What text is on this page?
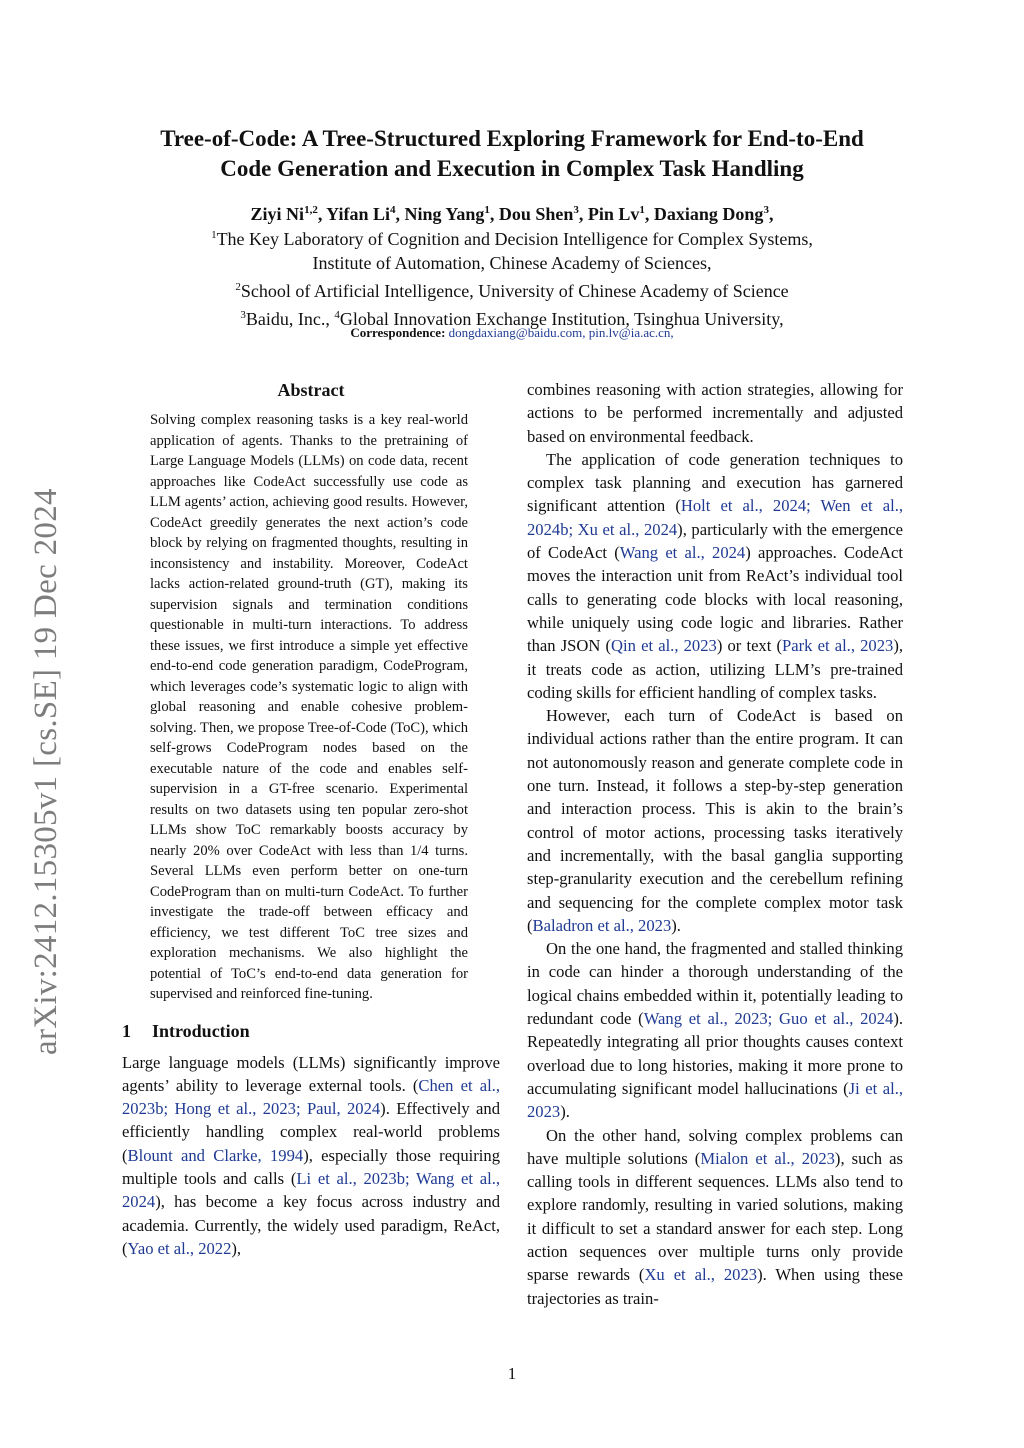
Tree-of-Code: A Tree-Structured Exploring Framework for End-to-End
Code Generation and Execution in Complex Task Handling
Ziyi Ni$^{1,2}$, Yifan Li$^4$, Ning Yang$^1$, Dou Shen$^3$, Pin Lv$^1$, Daxiang Dong$^3$,
$^1$The Key Laboratory of Cognition and Decision Intelligence for Complex Systems,
Institute of Automation, Chinese Academy of Sciences,
$^2$School of Artificial Intelligence, University of Chinese Academy of Science
$^3$Baidu, Inc., $^4$Global Innovation Exchange Institution, Tsinghua University,
Correspondence: dongdaxiang@baidu.com, pin.lv@ia.ac.cn,
arXiv:2412.15305v1 [cs.SE] 19 Dec 2024
Abstract

Solving complex reasoning tasks is a key real-world application of agents. Thanks to the pretraining of Large Language Models (LLMs) on code data, recent approaches like CodeAct successfully use code as LLM agents’ action, achieving good results. However, CodeAct greedily generates the next action’s code block by relying on fragmented thoughts, resulting in inconsistency and instability. Moreover, CodeAct lacks action-related ground-truth (GT), making its supervision signals and termination conditions questionable in multi-turn interactions. To address these issues, we first introduce a simple yet effective end-to-end code generation paradigm, CodeProgram, which leverages code’s systematic logic to align with global reasoning and enable cohesive problem-solving. Then, we propose Tree-of-Code (ToC), which self-grows CodeProgram nodes based on the executable nature of the code and enables self-supervision in a GT-free scenario. Experimental results on two datasets using ten popular zero-shot LLMs show ToC remarkably boosts accuracy by nearly 20% over CodeAct with less than 1/4 turns. Several LLMs even perform better on one-turn CodeProgram than on multi-turn CodeAct. To further investigate the trade-off between efficacy and efficiency, we test different ToC tree sizes and exploration mechanisms. We also highlight the potential of ToC’s end-to-end data generation for supervised and reinforced fine-tuning.

1 Introduction

Large language models (LLMs) significantly improve agents’ ability to leverage external tools. (Chen et al., 2023b; Hong et al., 2023; Paul, 2024). Effectively and efficiently handling complex real-world problems (Blount and Clarke, 1994), especially those requiring multiple tools and calls (Li et al., 2023b; Wang et al., 2024), has become a key focus across industry and academia. Currently, the widely used paradigm, ReAct, (Yao et al., 2022),

combines reasoning with action strategies, allowing for actions to be performed incrementally and adjusted based on environmental feedback.

The application of code generation techniques to complex task planning and execution has garnered significant attention (Holt et al., 2024; Wen et al., 2024b; Xu et al., 2024), particularly with the emergence of CodeAct (Wang et al., 2024) approaches. CodeAct moves the interaction unit from ReAct’s individual tool calls to generating code blocks with local reasoning, while uniquely using code logic and libraries. Rather than JSON (Qin et al., 2023) or text (Park et al., 2023), it treats code as action, utilizing LLM’s pre-trained coding skills for efficient handling of complex tasks.

However, each turn of CodeAct is based on individual actions rather than the entire program. It can not autonomously reason and generate complete code in one turn. Instead, it follows a step-by-step generation and interaction process. This is akin to the brain’s control of motor actions, processing tasks iteratively and incrementally, with the basal ganglia supporting step-granularity execution and the cerebellum refining and sequencing for the complete complex motor task (Baladron et al., 2023).

On the one hand, the fragmented and stalled thinking in code can hinder a thorough understanding of the logical chains embedded within it, potentially leading to redundant code (Wang et al., 2023; Guo et al., 2024). Repeatedly integrating all prior thoughts causes context overload due to long histories, making it more prone to accumulating significant model hallucinations (Ji et al., 2023).

On the other hand, solving complex problems can have multiple solutions (Mialon et al., 2023), such as calling tools in different sequences. LLMs also tend to explore randomly, resulting in varied solutions, making it difficult to set a standard answer for each step. Long action sequences over multiple turns only provide sparse rewards (Xu et al., 2023). When using these trajectories as train-

1
